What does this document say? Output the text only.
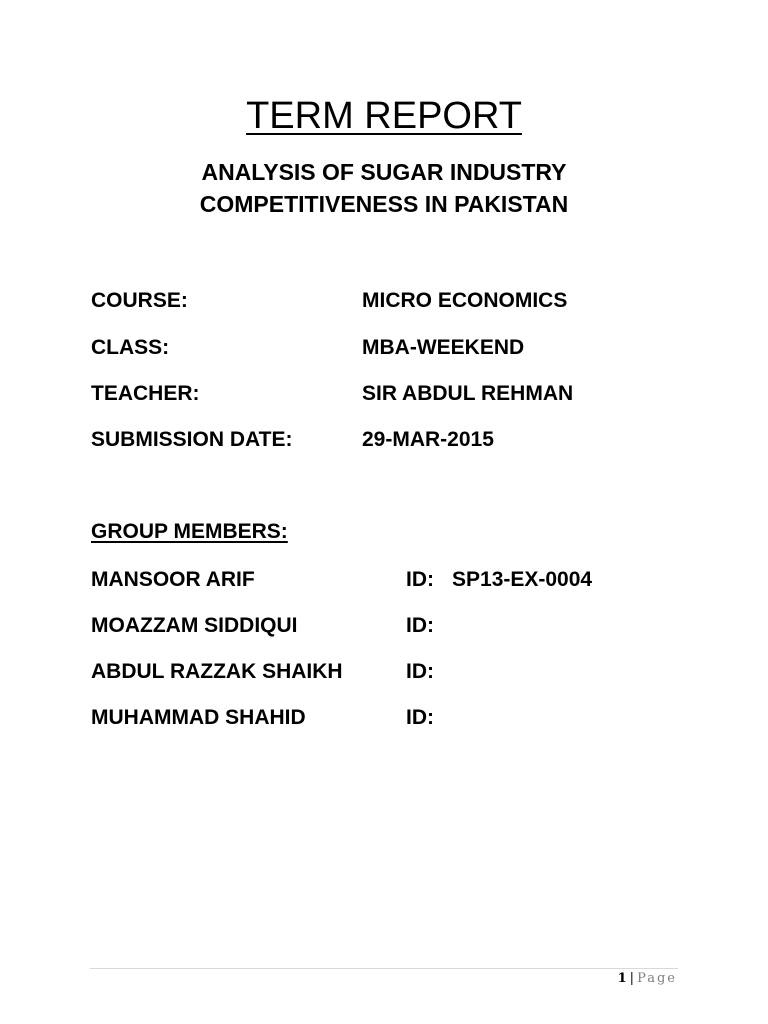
TERM REPORT
ANALYSIS OF SUGAR INDUSTRY
COMPETITIVENESS IN PAKISTAN
COURSE:	MICRO ECONOMICS
CLASS:	MBA-WEEKEND
TEACHER:	SIR ABDUL REHMAN
SUBMISSION DATE:	29-MAR-2015
GROUP MEMBERS:
MANSOOR ARIF	ID: SP13-EX-0004
MOAZZAM SIDDIQUI	ID:
ABDUL RAZZAK SHAIKH	ID:
MUHAMMAD SHAHID	ID:
1 | Page
